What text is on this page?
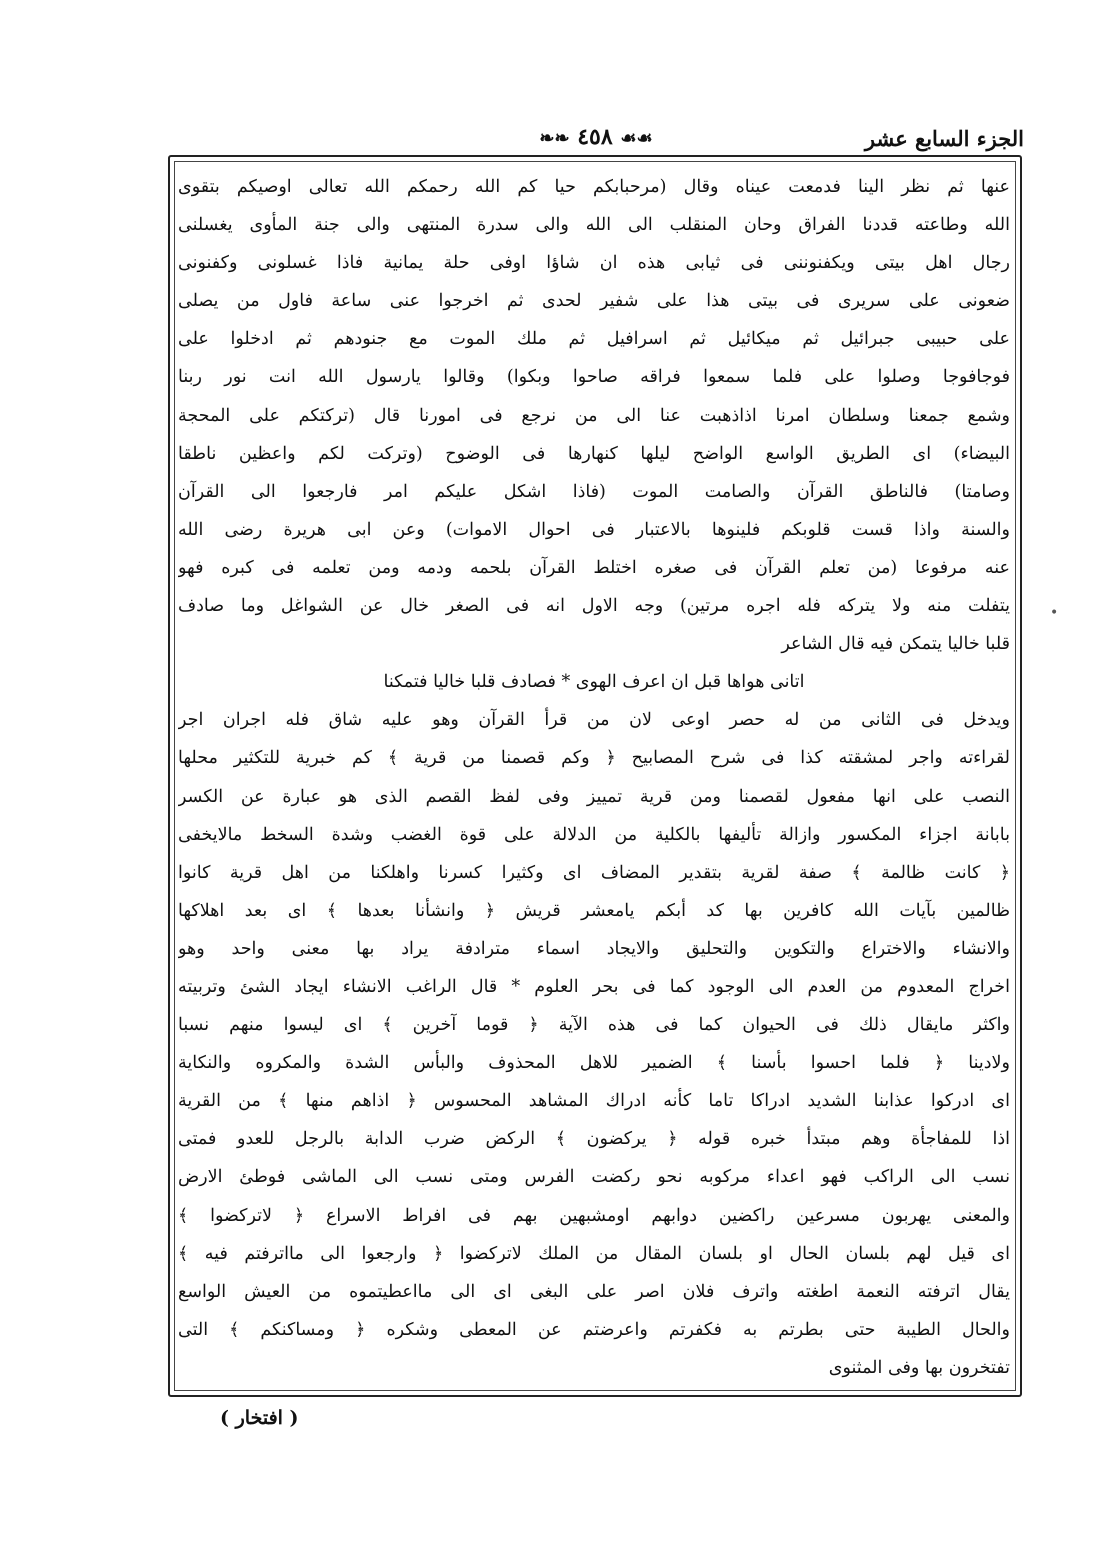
الجزء السابع عشر
❧❧ ٤٥٨ ☙☙
عنها ثم نظر الينا فدمعت عيناه وقال (مرحبابكم حيا كم الله رحمكم الله تعالى اوصيكم بتقوى
الله وطاعته قددنا الفراق وحان المنقلب الى الله والى سدرة المنتهى والى جنة المأوى يغسلنى
رجال اهل بيتى ويكفنوننى فى ثيابى هذه ان شاؤا اوفى حلة يمانية فاذا غسلونى وكفنونى
ضعونى على سريرى فى بيتى هذا على شفير لحدى ثم اخرجوا عنى ساعة فاول من يصلى
على حبيبى جبرائيل ثم ميكائيل ثم اسرافيل ثم ملك الموت مع جنودهم ثم ادخلوا على
فوجافوجا وصلوا على فلما سمعوا فراقه صاحوا وبكوا) وقالوا يارسول الله انت نور ربنا
وشمع جمعنا وسلطان امرنا اذاذهبت عنا الى من نرجع فى امورنا قال (تركتكم على المحجة
البيضاء) اى الطريق الواسع الواضح ليلها كنهارها فى الوضوح (وتركت لكم واعظين ناطقا
وصامتا) فالناطق القرآن والصامت الموت (فاذا اشكل عليكم امر فارجعوا الى القرآن
والسنة واذا قست قلوبكم فلينوها بالاعتبار فى احوال الاموات) وعن ابى هريرة رضى الله
عنه مرفوعا (من تعلم القرآن فى صغره اختلط القرآن بلحمه ودمه ومن تعلمه فى كبره فهو
يتفلت منه ولا يتركه فله اجره مرتين) وجه الاول انه فى الصغر خال عن الشواغل وما صادف
قلبا خاليا يتمكن فيه قال الشاعر
اتانى هواها قبل ان اعرف الهوى * فصادف قلبا خاليا فتمكنا
ويدخل فى الثانى من له حصر اوعى لان من قرأ القرآن وهو عليه شاق فله اجران اجر
لقراءته واجر لمشقته كذا فى شرح المصابيح ﴿ وكم قصمنا من قرية ﴾ كم خبرية للتكثير محلها
النصب على انها مفعول لقصمنا ومن قرية تمييز وفى لفظ القصم الذى هو عبارة عن الكسر
بابانة اجزاء المكسور وازالة تأليفها بالكلية من الدلالة على قوة الغضب وشدة السخط مالايخفى
﴿ كانت ظالمة ﴾ صفة لقرية بتقدير المضاف اى وكثيرا كسرنا واهلكنا من اهل قرية كانوا
ظالمين بآيات الله كافرين بها كد أبكم يامعشر قريش ﴿ وانشأنا بعدها ﴾ اى بعد اهلاكها
والانشاء والاختراع والتكوين والتحليق والايجاد اسماء مترادفة يراد بها معنى واحد وهو
اخراج المعدوم من العدم الى الوجود كما فى بحر العلوم * قال الراغب الانشاء ايجاد الشئ وتربيته
واكثر مايقال ذلك فى الحيوان كما فى هذه الآية ﴿ قوما آخرين ﴾ اى ليسوا منهم نسبا
ولادينا ﴿ فلما احسوا بأسنا ﴾ الضمير للاهل المحذوف والبأس الشدة والمكروه والنكاية
اى ادركوا عذابنا الشديد ادراكا تاما كأنه ادراك المشاهد المحسوس ﴿ اذاهم منها ﴾ من القرية
اذا للمفاجأة وهم مبتدأ خبره قوله ﴿ يركضون ﴾ الركض ضرب الدابة بالرجل للعدو فمتى
نسب الى الراكب فهو اعداء مركوبه نحو ركضت الفرس ومتى نسب الى الماشى فوطئ الارض
والمعنى يهربون مسرعين راكضين دوابهم اومشبهين بهم فى افراط الاسراع ﴿ لاتركضوا ﴾
اى قيل لهم بلسان الحال او بلسان المقال من الملك لاتركضوا ﴿ وارجعوا الى مااترفتم فيه ﴾
يقال اترفته النعمة اطغته واترف فلان اصر على البغى اى الى مااعطيتموه من العيش الواسع
والحال الطيبة حتى بطرتم به فكفرتم واعرضتم عن المعطى وشكره ﴿ ومساكنكم ﴾ التى
تفتخرون بها وفى المثنوى
( افتخار )
•
